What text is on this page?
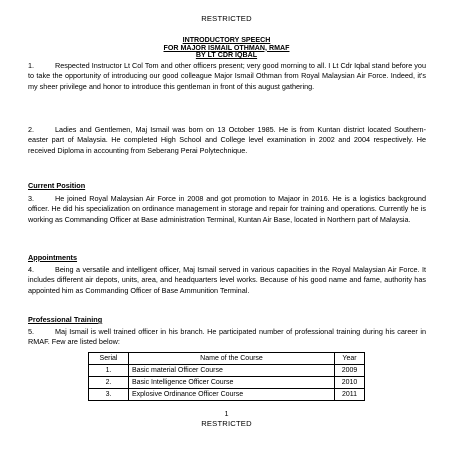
RESTRICTED
INTRODUCTORY SPEECH
FOR MAJOR ISMAIL OTHMAN, RMAF
BY LT CDR IQBAL
1.	Respected Instructor Lt Col Tom and other officers present; very good morning to all. I Lt Cdr Iqbal stand before you to take the opportunity of introducing our good colleague Major Ismail Othman from Royal Malaysian Air Force. Indeed, it's my sheer privilege and honor to introduce this gentleman in front of this august gathering.
2.	Ladies and Gentlemen, Maj Ismail was born on 13 October 1985. He is from Kuntan district located Southern-easter part of Malaysia. He completed High School and College level examination in 2002 and 2004 respectively. He received Diploma in accounting from Seberang Perai Polytechnique.
Current Position
3.	He joined Royal Malaysian Air Force in 2008 and got promotion to Majaor in 2016. He is a logistics background officer. He did his specialization on ordinance management in storage and repair for training and operations. Currently he is working as Commanding Officer at Base administration Terminal, Kuntan Air Base, located in Northern part of Malaysia.
Appointments
4.	Being a versatile and intelligent officer, Maj Ismail served in various capacities in the Royal Malaysian Air Force. It includes different air depots, units, area, and headquarters level works. Because of his good name and fame, authority has appointed him as Commanding Officer of Base Ammunition Terminal.
Professional Training
5.	Maj Ismail is well trained officer in his branch. He participated number of professional training during his career in RMAF. Few are listed below:
Serial	Name of the Course	Year
1.	Basic material Officer Course	2009
2.	Basic Intelligence Officer Course	2010
3.	Explosive Ordinance Officer Course	2011
1
RESTRICTED
